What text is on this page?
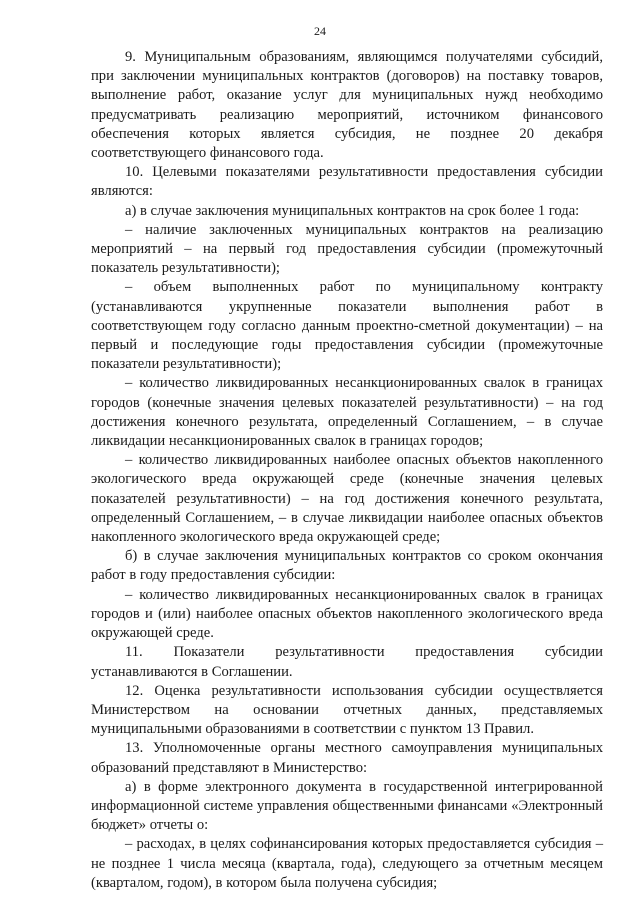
24

9. Муниципальным образованиям, являющимся получателями субсидий, при заключении муниципальных контрактов (договоров) на поставку товаров, выполнение работ, оказание услуг для муниципальных нужд необходимо предусматривать реализацию мероприятий, источником финансового обеспечения которых является субсидия, не позднее 20 декабря соответствующего финансового года.

10. Целевыми показателями результативности предоставления субсидии являются:

а) в случае заключения муниципальных контрактов на срок более 1 года:

– наличие заключенных муниципальных контрактов на реализацию мероприятий – на первый год предоставления субсидии (промежуточный показатель результативности);

– объем выполненных работ по муниципальному контракту (устанавливаются укрупненные показатели выполнения работ в соответствующем году согласно данным проектно-сметной документации) – на первый и последующие годы предоставления субсидии (промежуточные показатели результативности);

– количество ликвидированных несанкционированных свалок в границах городов (конечные значения целевых показателей результативности) – на год достижения конечного результата, определенный Соглашением, – в случае ликвидации несанкционированных свалок в границах городов;

– количество ликвидированных наиболее опасных объектов накопленного экологического вреда окружающей среде (конечные значения целевых показателей результативности) – на год достижения конечного результата, определенный Соглашением, – в случае ликвидации наиболее опасных объектов накопленного экологического вреда окружающей среде;

б) в случае заключения муниципальных контрактов со сроком окончания работ в году предоставления субсидии:

– количество ликвидированных несанкционированных свалок в границах городов и (или) наиболее опасных объектов накопленного экологического вреда окружающей среде.

11. Показатели результативности предоставления субсидии устанавливаются в Соглашении.

12. Оценка результативности использования субсидии осуществляется Министерством на основании отчетных данных, представляемых муниципальными образованиями в соответствии с пунктом 13 Правил.

13. Уполномоченные органы местного самоуправления муниципальных образований представляют в Министерство:

а) в форме электронного документа в государственной интегрированной информационной системе управления общественными финансами «Электронный бюджет» отчеты о:

– расходах, в целях софинансирования которых предоставляется субсидия – не позднее 1 числа месяца (квартала, года), следующего за отчетным месяцем (кварталом, годом), в котором была получена субсидия;
